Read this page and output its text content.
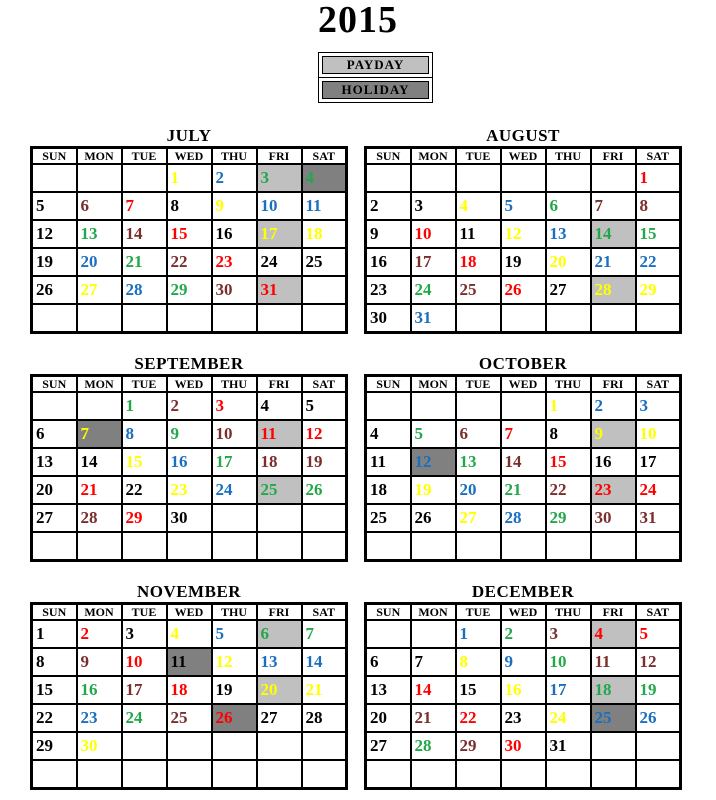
2015
PAYDAY
HOLIDAY
JULY
SUN	MON	TUE	WED	THU	FRI	SAT
			1	2	3	4
5	6	7	8	9	10	11
12	13	14	15	16	17	18
19	20	21	22	23	24	25
26	27	28	29	30	31	

AUGUST
SUN	MON	TUE	WED	THU	FRI	SAT
						1
2	3	4	5	6	7	8
9	10	11	12	13	14	15
16	17	18	19	20	21	22
23	24	25	26	27	28	29
30	31					
SEPTEMBER
SUN	MON	TUE	WED	THU	FRI	SAT
		1	2	3	4	5
6	7	8	9	10	11	12
13	14	15	16	17	18	19
20	21	22	23	24	25	26
27	28	29	30			

OCTOBER
SUN	MON	TUE	WED	THU	FRI	SAT
				1	2	3
4	5	6	7	8	9	10
11	12	13	14	15	16	17
18	19	20	21	22	23	24
25	26	27	28	29	30	31

NOVEMBER
SUN	MON	TUE	WED	THU	FRI	SAT
1	2	3	4	5	6	7
8	9	10	11	12	13	14
15	16	17	18	19	20	21
22	23	24	25	26	27	28
29	30					

DECEMBER
SUN	MON	TUE	WED	THU	FRI	SAT
		1	2	3	4	5
6	7	8	9	10	11	12
13	14	15	16	17	18	19
20	21	22	23	24	25	26
27	28	29	30	31		
